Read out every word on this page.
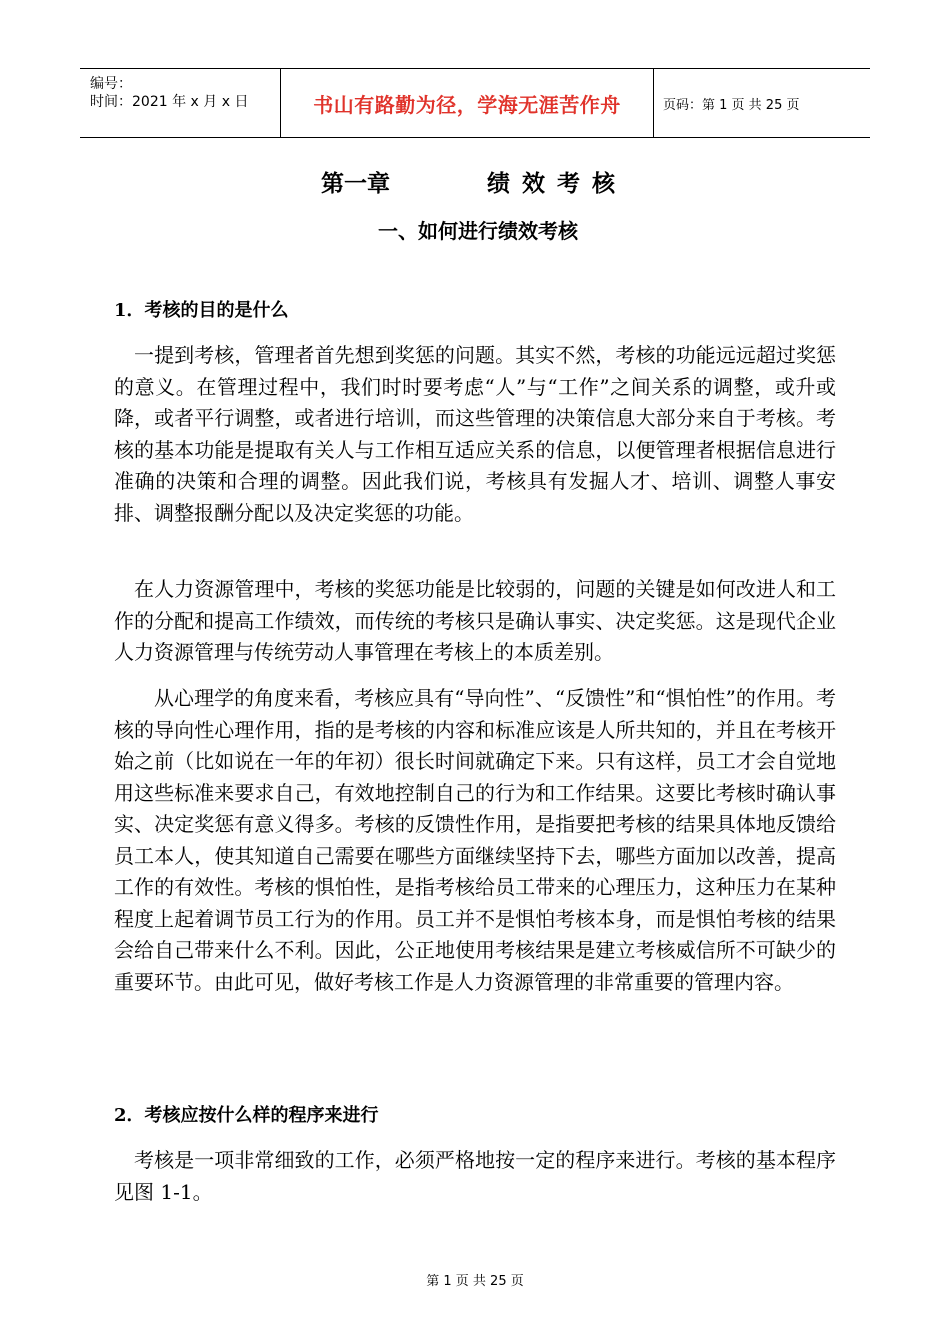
编号：
时间：2021 年 x 月 x 日	书山有路勤为径，学海无涯苦作舟	页码：第 1 页 共 25 页
第一章	绩效考核
一、如何进行绩效考核
1．考核的目的是什么
　一提到考核，管理者首先想到奖惩的问题。其实不然，考核的功能远远超过奖惩的意义。在管理过程中，我们时时要考虑“人”与“工作”之间关系的调整，或升或降，或者平行调整，或者进行培训，而这些管理的决策信息大部分来自于考核。考核的基本功能是提取有关人与工作相互适应关系的信息，以便管理者根据信息进行准确的决策和合理的调整。因此我们说，考核具有发掘人才、培训、调整人事安排、调整报酬分配以及决定奖惩的功能。
　在人力资源管理中，考核的奖惩功能是比较弱的，问题的关键是如何改进人和工作的分配和提高工作绩效，而传统的考核只是确认事实、决定奖惩。这是现代企业人力资源管理与传统劳动人事管理在考核上的本质差别。
　　从心理学的角度来看，考核应具有“导向性”、“反馈性”和“惧怕性”的作用。考核的导向性心理作用，指的是考核的内容和标准应该是人所共知的，并且在考核开始之前（比如说在一年的年初）很长时间就确定下来。只有这样，员工才会自觉地用这些标准来要求自己，有效地控制自己的行为和工作结果。这要比考核时确认事实、决定奖惩有意义得多。考核的反馈性作用，是指要把考核的结果具体地反馈给员工本人，使其知道自己需要在哪些方面继续坚持下去，哪些方面加以改善，提高工作的有效性。考核的惧怕性，是指考核给员工带来的心理压力，这种压力在某种程度上起着调节员工行为的作用。员工并不是惧怕考核本身，而是惧怕考核的结果会给自己带来什么不利。因此，公正地使用考核结果是建立考核威信所不可缺少的重要环节。由此可见，做好考核工作是人力资源管理的非常重要的管理内容。
2．考核应按什么样的程序来进行
　考核是一项非常细致的工作，必须严格地按一定的程序来进行。考核的基本程序见图 1-1。
第 1 页 共 25 页
